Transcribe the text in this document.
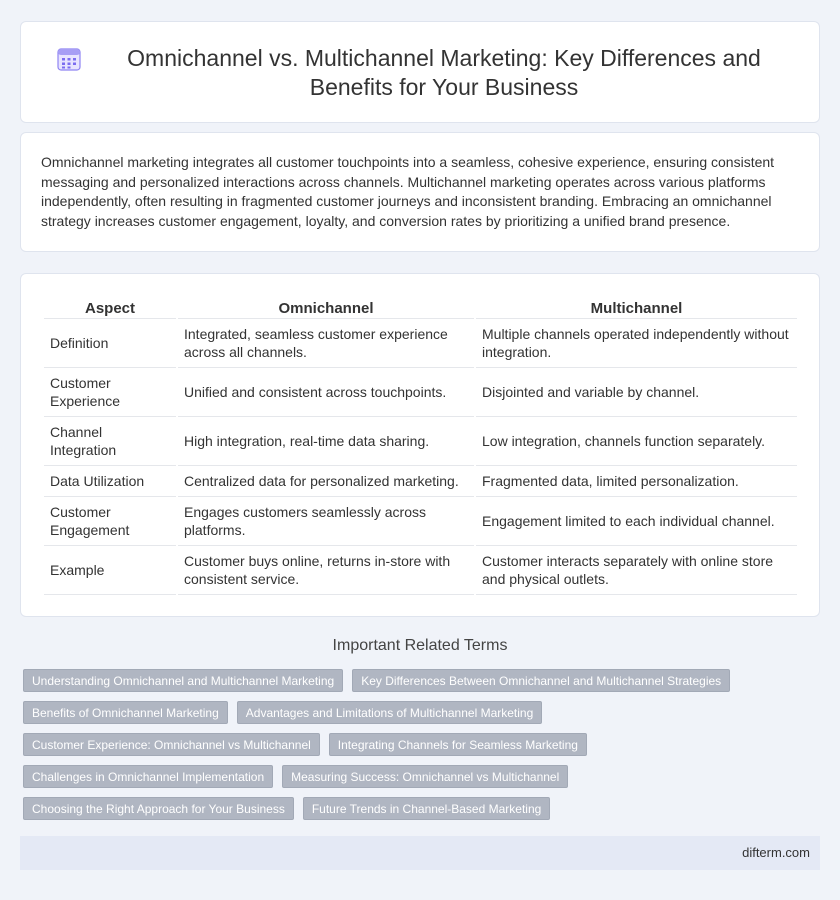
Omnichannel vs. Multichannel Marketing: Key Differences and Benefits for Your Business

Omnichannel marketing integrates all customer touchpoints into a seamless, cohesive experience, ensuring consistent messaging and personalized interactions across channels. Multichannel marketing operates across various platforms independently, often resulting in fragmented customer journeys and inconsistent branding. Embracing an omnichannel strategy increases customer engagement, loyalty, and conversion rates by prioritizing a unified brand presence.

Aspect	Omnichannel	Multichannel
Definition	Integrated, seamless customer experience across all channels.	Multiple channels operated independently without integration.
Customer Experience	Unified and consistent across touchpoints.	Disjointed and variable by channel.
Channel Integration	High integration, real-time data sharing.	Low integration, channels function separately.
Data Utilization	Centralized data for personalized marketing.	Fragmented data, limited personalization.
Customer Engagement	Engages customers seamlessly across platforms.	Engagement limited to each individual channel.
Example	Customer buys online, returns in-store with consistent service.	Customer interacts separately with online store and physical outlets.
Important Related Terms
Understanding Omnichannel and Multichannel Marketing	Key Differences Between Omnichannel and Multichannel Strategies
Benefits of Omnichannel Marketing	Advantages and Limitations of Multichannel Marketing
Customer Experience: Omnichannel vs Multichannel	Integrating Channels for Seamless Marketing
Challenges in Omnichannel Implementation	Measuring Success: Omnichannel vs Multichannel
Choosing the Right Approach for Your Business	Future Trends in Channel-Based Marketing
difterm.com
